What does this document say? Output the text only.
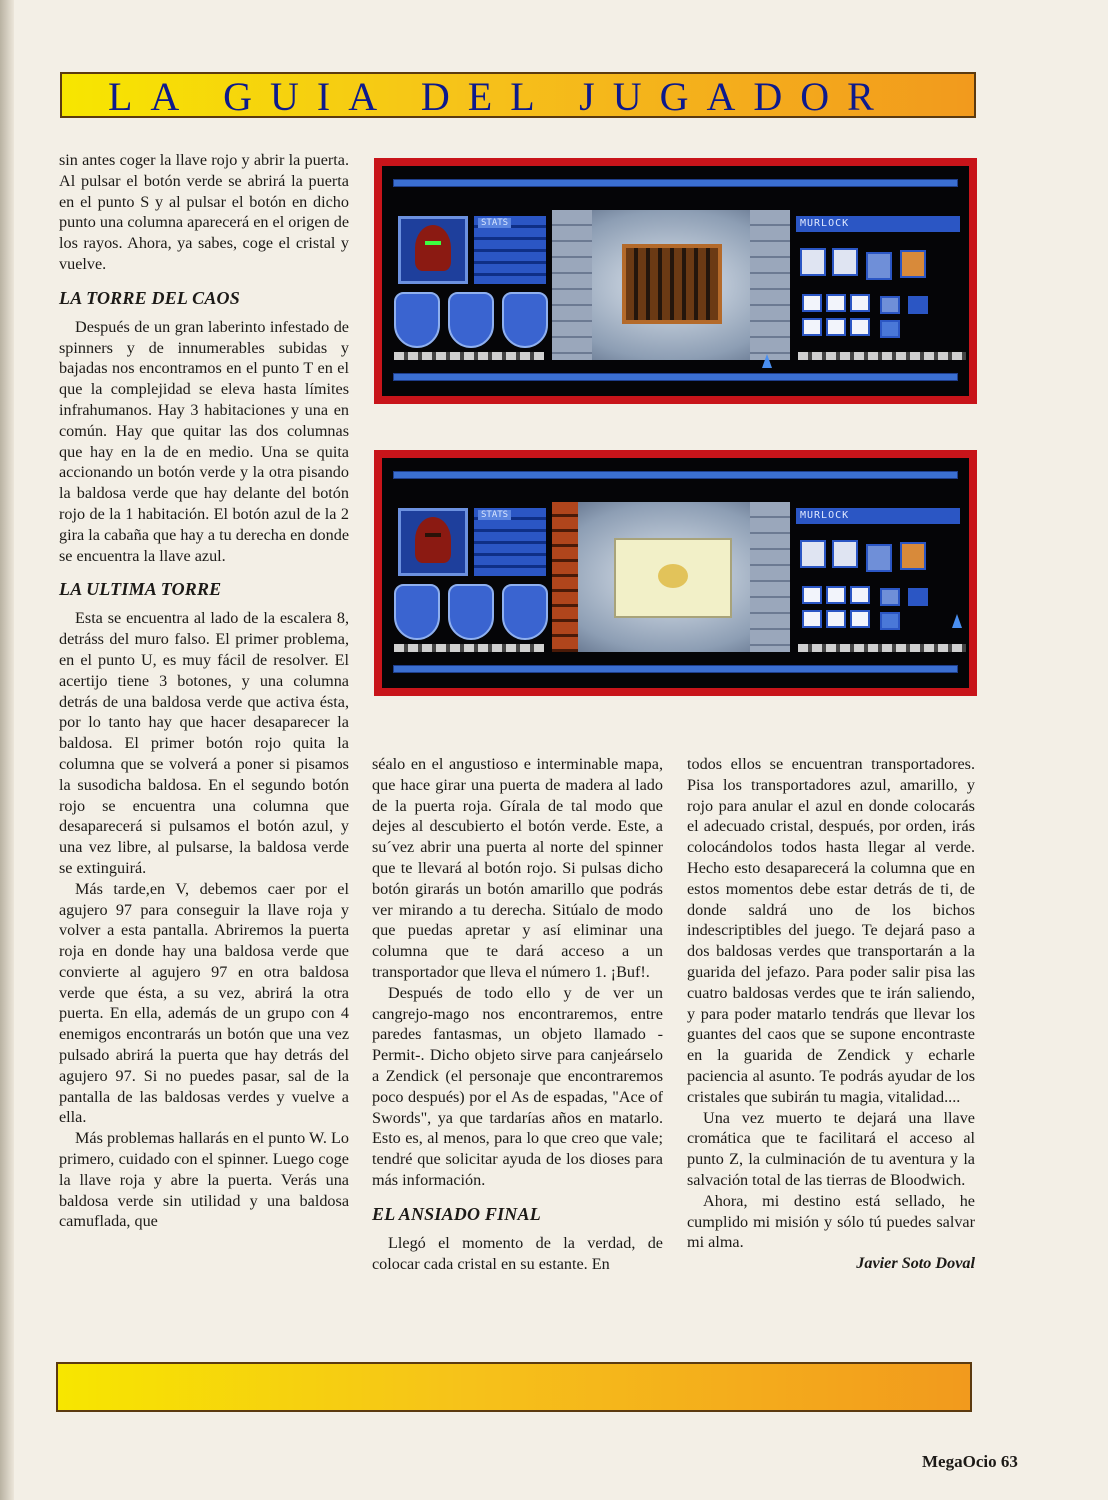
LA GUIA DEL JUGADOR

sin antes coger la llave rojo y abrir la puerta. Al pulsar el botón verde se abrirá la puerta en el punto S y al pulsar el botón en dicho punto una columna aparecerá en el origen de los rayos. Ahora, ya sabes, coge el cristal y vuelve.

LA TORRE DEL CAOS

Después de un gran laberinto infestado de spinners y de innumerables subidas y bajadas nos encontramos en el punto T en el que la complejidad se eleva hasta límites infrahumanos. Hay 3 habitaciones y una en común. Hay que quitar las dos columnas que hay en la de en medio. Una se quita accionando un botón verde y la otra pisando la baldosa verde que hay delante del botón rojo de la 1 habitación. El botón azul de la 2 gira la cabaña que hay a tu derecha en donde se encuentra la llave azul.

LA ULTIMA TORRE

Esta se encuentra al lado de la escalera 8, detráss del muro falso. El primer problema, en el punto U, es muy fácil de resolver. El acertijo tiene 3 botones, y una columna detrás de una baldosa verde que activa ésta, por lo tanto hay que hacer desaparecer la baldosa. El primer botón rojo quita la columna que se volverá a poner si pisamos la susodicha baldosa. En el segundo botón rojo se encuentra una columna que desaparecerá si pulsamos el botón azul, y una vez libre, al pulsarse, la baldosa verde se extinguirá.

Más tarde,en V, debemos caer por el agujero 97 para conseguir la llave roja y volver a esta pantalla. Abriremos la puerta roja en donde hay una baldosa verde que convierte al agujero 97 en otra baldosa verde que ésta, a su vez, abrirá la otra puerta. En ella, además de un grupo con 4 enemigos encontrarás un botón que una vez pulsado abrirá la puerta que hay detrás del agujero 97. Si no puedes pasar, sal de la pantalla de las baldosas verdes y vuelve a ella.

Más problemas hallarás en el punto W. Lo primero, cuidado con el spinner. Luego coge la llave roja y abre la puerta. Verás una baldosa verde sin utilidad y una baldosa camuflada, que

STATS	MURLOCK
STATS	MURLOCK

séalo en el angustioso e interminable mapa, que hace girar una puerta de madera al lado de la puerta roja. Gírala de tal modo que dejes al descubierto el botón verde. Este, a su´vez abrir una puerta al norte del spinner que te llevará al botón rojo. Si pulsas dicho botón girarás un botón amarillo que podrás ver mirando a tu derecha. Sitúalo de modo que puedas apretar y así eliminar una columna que te dará acceso a un transportador que lleva el número 1. ¡Buf!.

Después de todo ello y de ver un cangrejo-mago nos encontraremos, entre paredes fantasmas, un objeto llamado -Permit-. Dicho objeto sirve para canjeárselo a Zendick (el personaje que encontraremos poco después) por el As de espadas, "Ace of Swords", ya que tardarías años en matarlo. Esto es, al menos, para lo que creo que vale; tendré que solicitar ayuda de los dioses para más información.

EL ANSIADO FINAL

Llegó el momento de la verdad, de colocar cada cristal en su estante. En

todos ellos se encuentran transportadores. Pisa los transportadores azul, amarillo, y rojo para anular el azul en donde colocarás el adecuado cristal, después, por orden, irás colocándolos todos hasta llegar al verde. Hecho esto desaparecerá la columna que en estos momentos debe estar detrás de ti, de donde saldrá uno de los bichos indescriptibles del juego. Te dejará paso a dos baldosas verdes que transportarán a la guarida del jefazo. Para poder salir pisa las cuatro baldosas verdes que te irán saliendo, y para poder matarlo tendrás que llevar los guantes del caos que se supone encontraste en la guarida de Zendick y echarle paciencia al asunto. Te podrás ayudar de los cristales que subirán tu magia, vitalidad....

Una vez muerto te dejará una llave cromática que te facilitará el acceso al punto Z, la culminación de tu aventura y la salvación total de las tierras de Bloodwich.

Ahora, mi destino está sellado, he cumplido mi misión y sólo tú puedes salvar mi alma.

Javier Soto Doval

MegaOcio 63
